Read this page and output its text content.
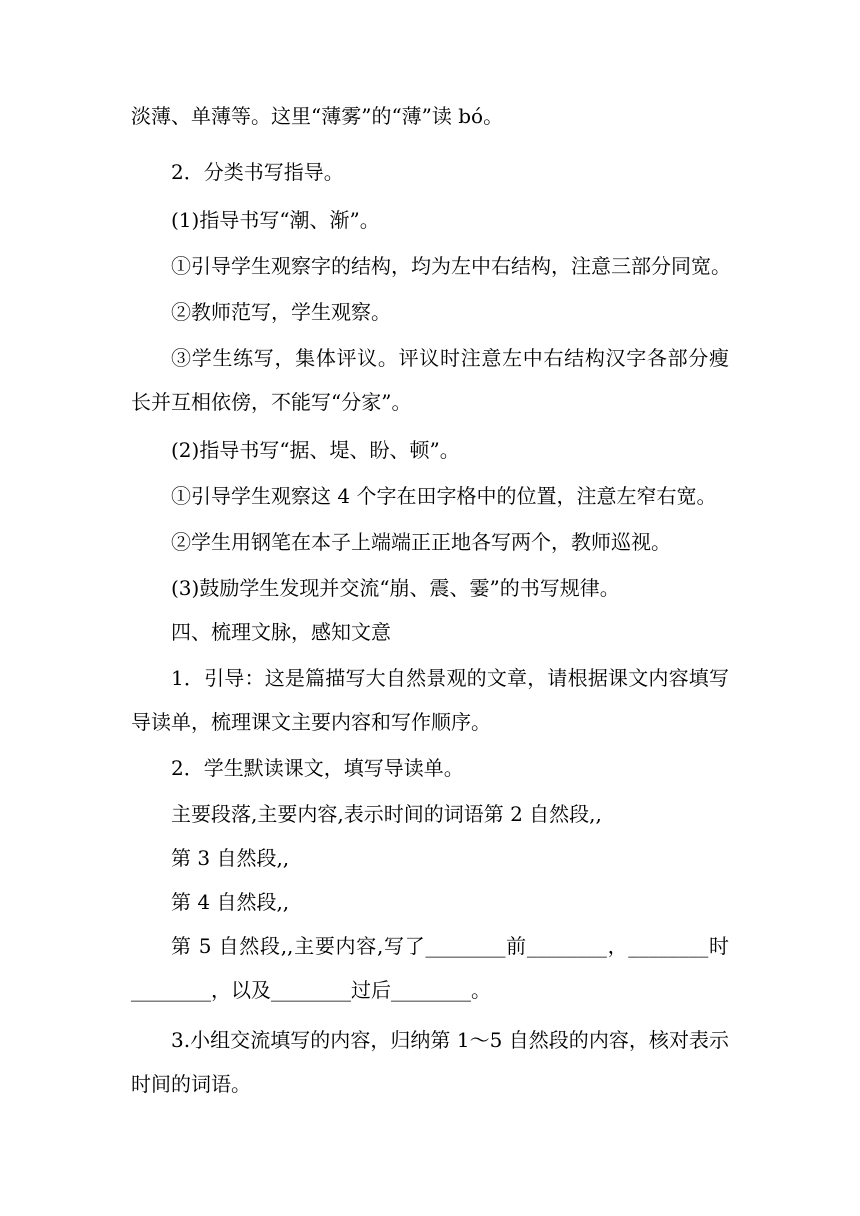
淡薄、单薄等。这里“薄雾”的“薄”读 bó。

2．分类书写指导。

(1)指导书写“潮、渐”。

①引导学生观察字的结构，均为左中右结构，注意三部分同宽。

②教师范写，学生观察。

③学生练写，集体评议。评议时注意左中右结构汉字各部分瘦长并互相依傍，不能写“分家”。

(2)指导书写“据、堤、盼、顿”。

①引导学生观察这 4 个字在田字格中的位置，注意左窄右宽。

②学生用钢笔在本子上端端正正地各写两个，教师巡视。

(3)鼓励学生发现并交流“崩、震、霎”的书写规律。

四、梳理文脉，感知文意

1．引导：这是篇描写大自然景观的文章，请根据课文内容填写导读单，梳理课文主要内容和写作顺序。

2．学生默读课文，填写导读单。

主要段落,主要内容,表示时间的词语第 2 自然段,,

第 3 自然段,,

第 4 自然段,,

第 5 自然段,,主要内容,写了________前________，________时________，以及________过后________。

3.小组交流填写的内容，归纳第 1～5 自然段的内容，核对表示时间的词语。
